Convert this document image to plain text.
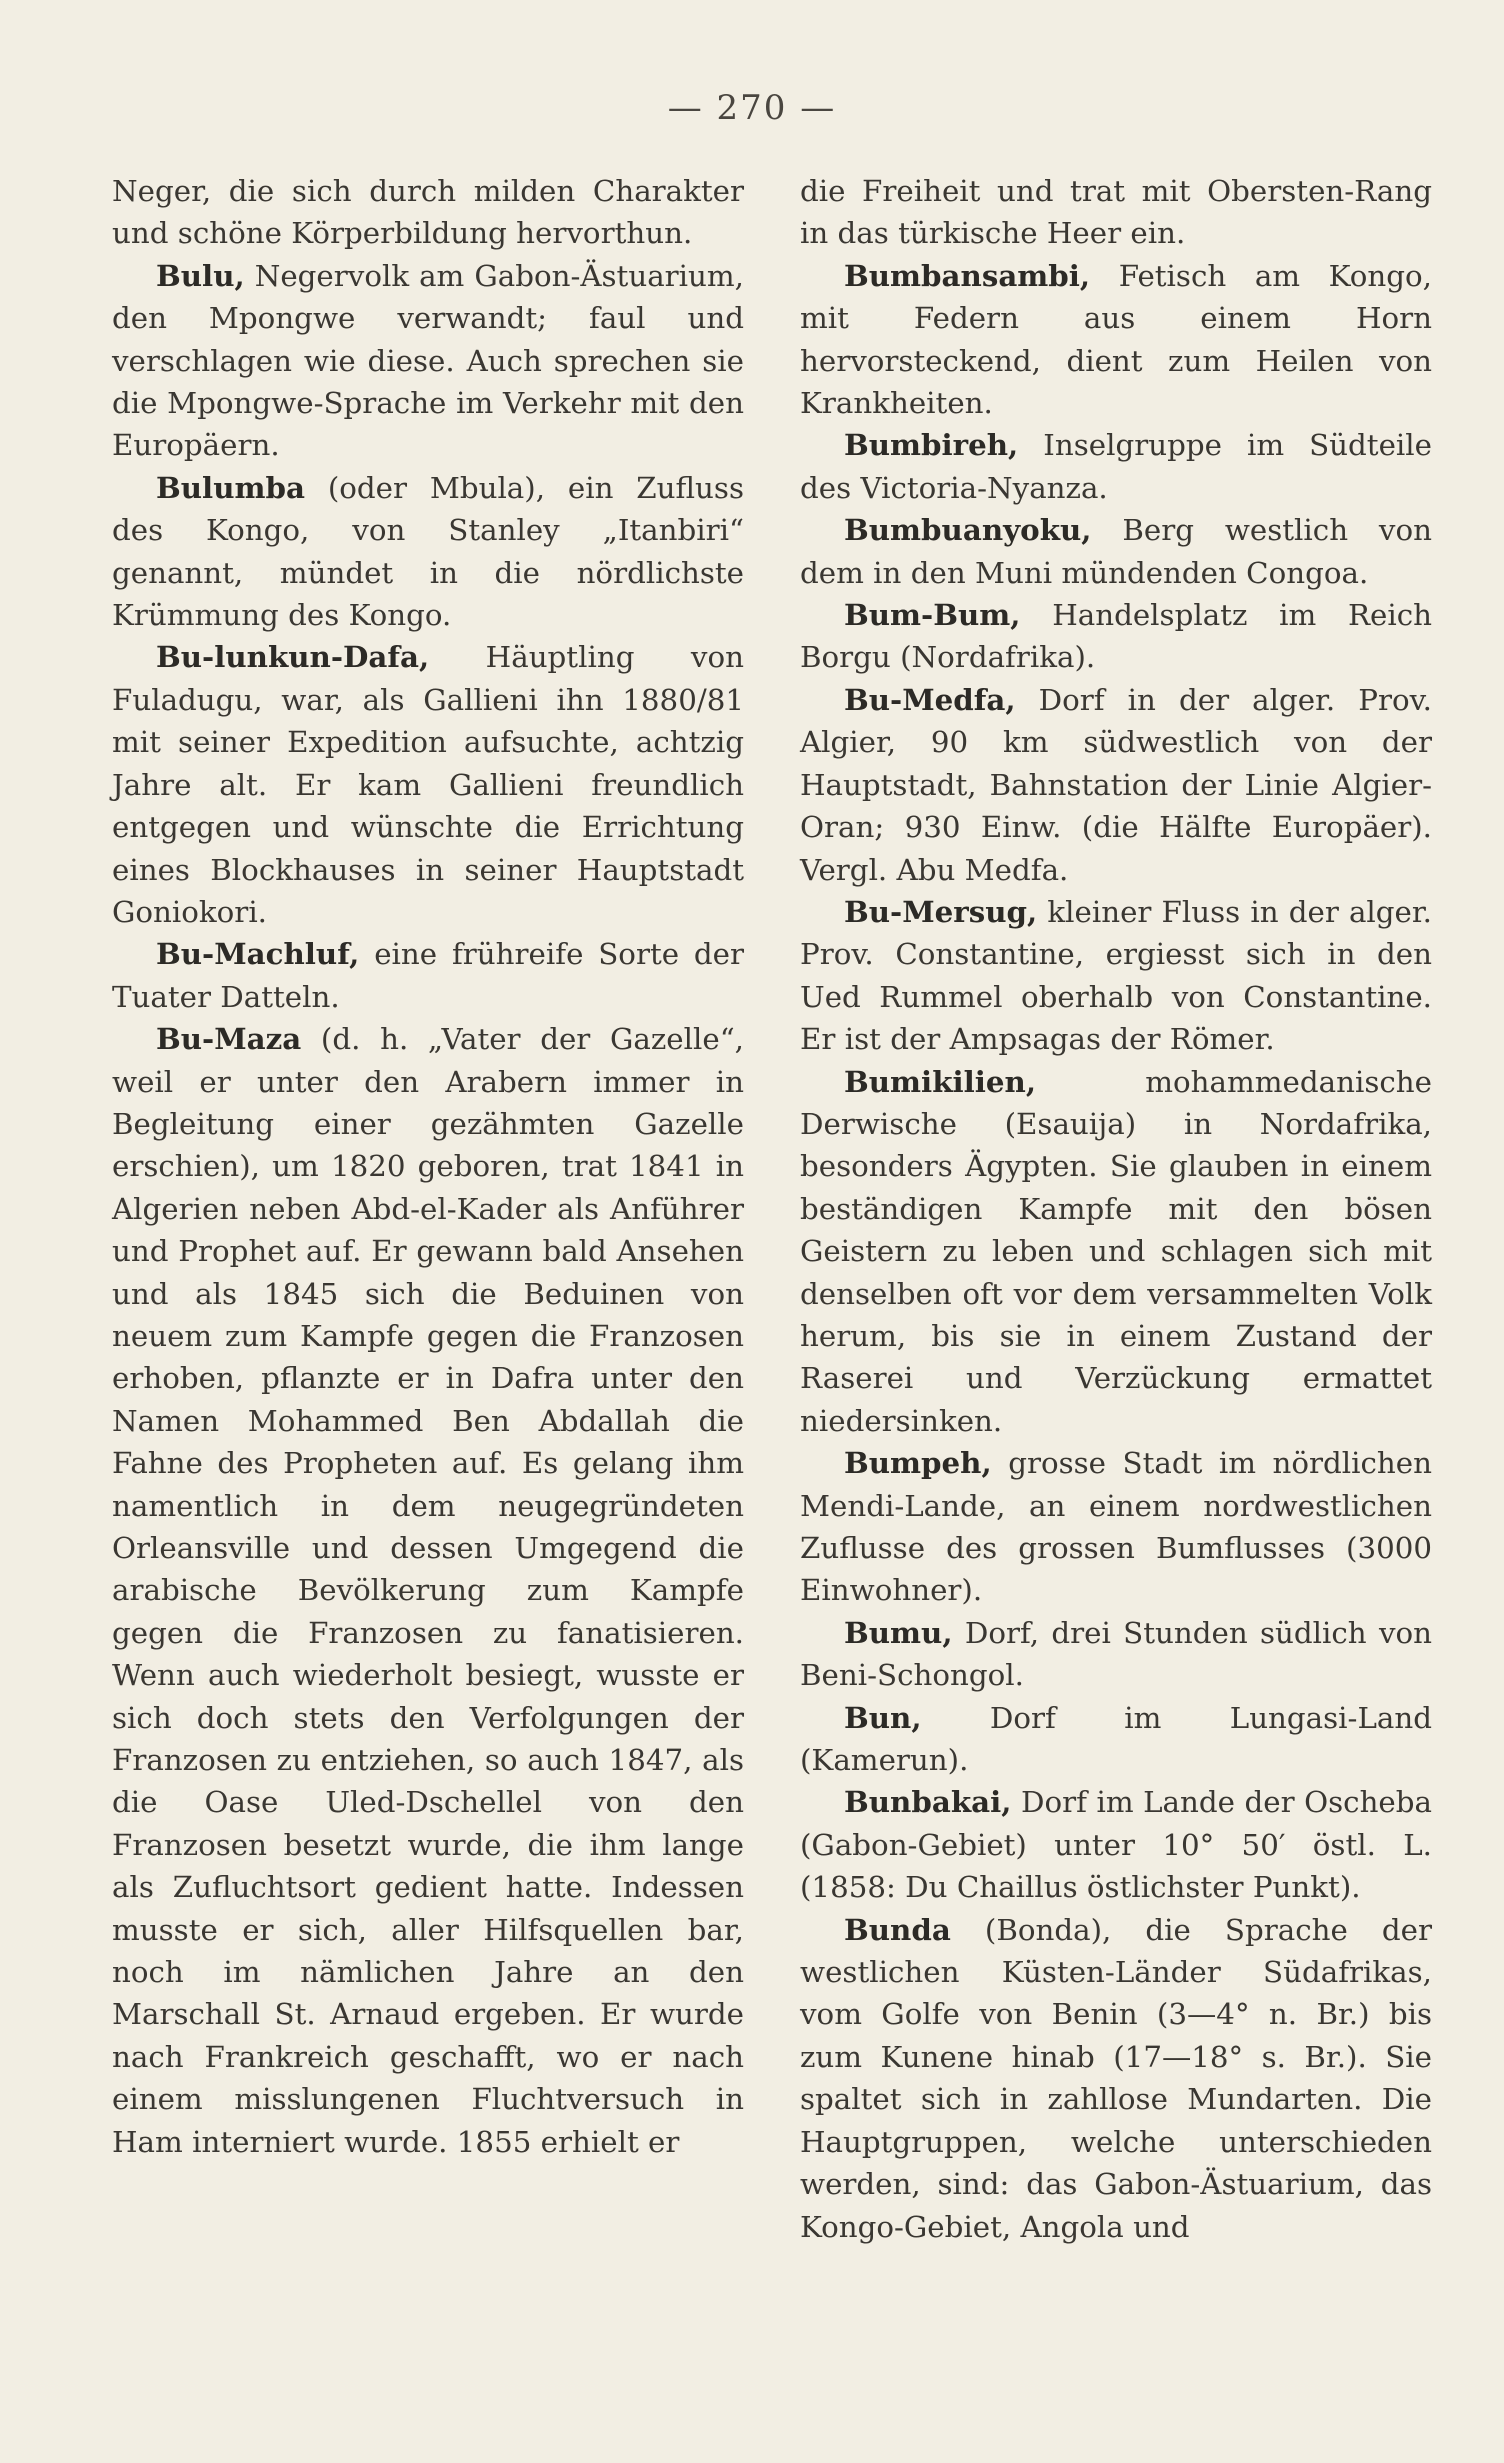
— 270 —

Neger, die sich durch milden Charakter und schöne Körperbildung hervorthun.

Bulu, Negervolk am Gabon-Ästuarium, den Mpongwe verwandt; faul und verschlagen wie diese. Auch sprechen sie die Mpongwe-Sprache im Verkehr mit den Europäern.

Bulumba (oder Mbula), ein Zufluss des Kongo, von Stanley „Itanbiri“ genannt, mündet in die nördlichste Krümmung des Kongo.

Bu-lunkun-Dafa, Häuptling von Fuladugu, war, als Gallieni ihn 1880/81 mit seiner Expedition aufsuchte, achtzig Jahre alt. Er kam Gallieni freundlich entgegen und wünschte die Errichtung eines Blockhauses in seiner Hauptstadt Goniokori.

Bu-Machluf, eine frühreife Sorte der Tuater Datteln.

Bu-Maza (d. h. „Vater der Gazelle“, weil er unter den Arabern immer in Begleitung einer gezähmten Gazelle erschien), um 1820 geboren, trat 1841 in Algerien neben Abd-el-Kader als Anführer und Prophet auf. Er gewann bald Ansehen und als 1845 sich die Beduinen von neuem zum Kampfe gegen die Franzosen erhoben, pflanzte er in Dafra unter den Namen Mohammed Ben Abdallah die Fahne des Propheten auf. Es gelang ihm namentlich in dem neugegründeten Orleansville und dessen Umgegend die arabische Bevölkerung zum Kampfe gegen die Franzosen zu fanatisieren. Wenn auch wiederholt besiegt, wusste er sich doch stets den Verfolgungen der Franzosen zu entziehen, so auch 1847, als die Oase Uled-Dschellel von den Franzosen besetzt wurde, die ihm lange als Zufluchtsort gedient hatte. Indessen musste er sich, aller Hilfsquellen bar, noch im nämlichen Jahre an den Marschall St. Arnaud ergeben. Er wurde nach Frankreich geschafft, wo er nach einem misslungenen Fluchtversuch in Ham interniert wurde. 1855 erhielt er

die Freiheit und trat mit Obersten-Rang in das türkische Heer ein.

Bumbansambi, Fetisch am Kongo, mit Federn aus einem Horn hervorsteckend, dient zum Heilen von Krankheiten.

Bumbireh, Inselgruppe im Südteile des Victoria-Nyanza.

Bumbuanyoku, Berg westlich von dem in den Muni mündenden Congoa.

Bum-Bum, Handelsplatz im Reich Borgu (Nordafrika).

Bu-Medfa, Dorf in der alger. Prov. Algier, 90 km südwestlich von der Hauptstadt, Bahnstation der Linie Algier-Oran; 930 Einw. (die Hälfte Europäer). Vergl. Abu Medfa.

Bu-Mersug, kleiner Fluss in der alger. Prov. Constantine, ergiesst sich in den Ued Rummel oberhalb von Constantine. Er ist der Ampsagas der Römer.

Bumikilien, mohammedanische Derwische (Esauija) in Nordafrika, besonders Ägypten. Sie glauben in einem beständigen Kampfe mit den bösen Geistern zu leben und schlagen sich mit denselben oft vor dem versammelten Volk herum, bis sie in einem Zustand der Raserei und Verzückung ermattet niedersinken.

Bumpeh, grosse Stadt im nördlichen Mendi-Lande, an einem nordwestlichen Zuflusse des grossen Bumflusses (3000 Einwohner).

Bumu, Dorf, drei Stunden südlich von Beni-Schongol.

Bun, Dorf im Lungasi-Land (Kamerun).

Bunbakai, Dorf im Lande der Oscheba (Gabon-Gebiet) unter 10° 50′ östl. L. (1858: Du Chaillus östlichster Punkt).

Bunda (Bonda), die Sprache der westlichen Küsten-Länder Südafrikas, vom Golfe von Benin (3—4° n. Br.) bis zum Kunene hinab (17—18° s. Br.). Sie spaltet sich in zahllose Mundarten. Die Hauptgruppen, welche unterschieden werden, sind: das Gabon-Ästuarium, das Kongo-Gebiet, Angola und
